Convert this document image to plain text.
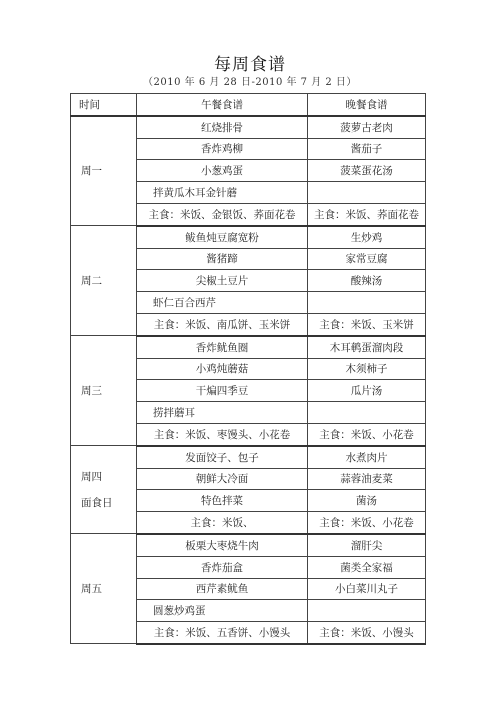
每周食谱
（2010 年 6 月 28 日-2010 年 7 月 2 日）
时间	午餐食谱	晚餐食谱

周一	红烧排骨	菠萝古老肉
	香炸鸡柳	酱茄子
	小葱鸡蛋	菠菜蛋花汤
	拌黄瓜木耳金针蘑	
	主食：米饭、金银饭、荞面花卷	主食：米饭、荞面花卷

周二	鲅鱼炖豆腐宽粉	生炒鸡
	酱猪蹄	家常豆腐
	尖椒土豆片	酸辣汤
	虾仁百合西芹	
	主食：米饭、南瓜饼、玉米饼	主食：米饭、玉米饼

周三	香炸鱿鱼圈	木耳鹌蛋溜肉段
	小鸡炖蘑菇	木须柿子
	干煸四季豆	瓜片汤
	捞拌蘑耳	
	主食：米饭、枣馒头、小花卷	主食：米饭、小花卷

周四
面食日	发面饺子、包子	水煮肉片
	朝鲜大冷面	蒜蓉油麦菜
	特色拌菜	菌汤
	主食：米饭、	主食：米饭、小花卷

周五	板栗大枣烧牛肉	溜肝尖
	香炸茄盒	菌类全家福
	西芹素鱿鱼	小白菜川丸子
	圆葱炒鸡蛋	
	主食：米饭、五香饼、小馒头	主食：米饭、小馒头
